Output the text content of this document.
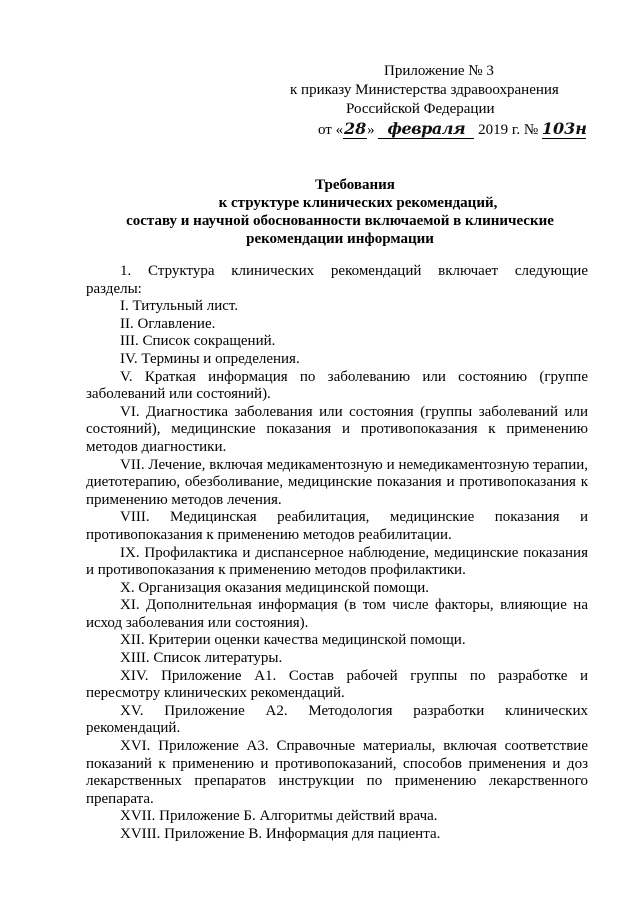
Приложение № 3
к приказу Министерства здравоохранения
Российской Федерации
от «28
» февраля 2019 г. № 103н
Требования
к структуре клинических рекомендаций,
составу и научной обоснованности включаемой в клинические
рекомендации информации

1. Структура клинических рекомендаций включает следующие

разделы:

I. Титульный лист.

II. Оглавление.

III. Список сокращений.

IV. Термины и определения.

V. Краткая информация по заболеванию или состоянию (группе заболеваний или состояний).

VI. Диагностика заболевания или состояния (группы заболеваний или состояний), медицинские показания и противопоказания к применению методов диагностики.

VII. Лечение, включая медикаментозную и немедикаментозную терапии, диетотерапию, обезболивание, медицинские показания и противопоказания к применению методов лечения.

VIII. Медицинская реабилитация, медицинские показания и противопоказания к применению методов реабилитации.

IX. Профилактика и диспансерное наблюдение, медицинские показания и противопоказания к применению методов профилактики.

X. Организация оказания медицинской помощи.

XI. Дополнительная информация (в том числе факторы, влияющие на исход заболевания или состояния).

XII. Критерии оценки качества медицинской помощи.

XIII. Список литературы.

XIV. Приложение А1. Состав рабочей группы по разработке и пересмотру клинических рекомендаций.

XV. Приложение А2. Методология разработки клинических рекомендаций.

XVI. Приложение А3. Справочные материалы, включая соответствие показаний к применению и противопоказаний, способов применения и доз лекарственных препаратов инструкции по применению лекарственного препарата.

XVII. Приложение Б. Алгоритмы действий врача.

XVIII. Приложение В. Информация для пациента.
